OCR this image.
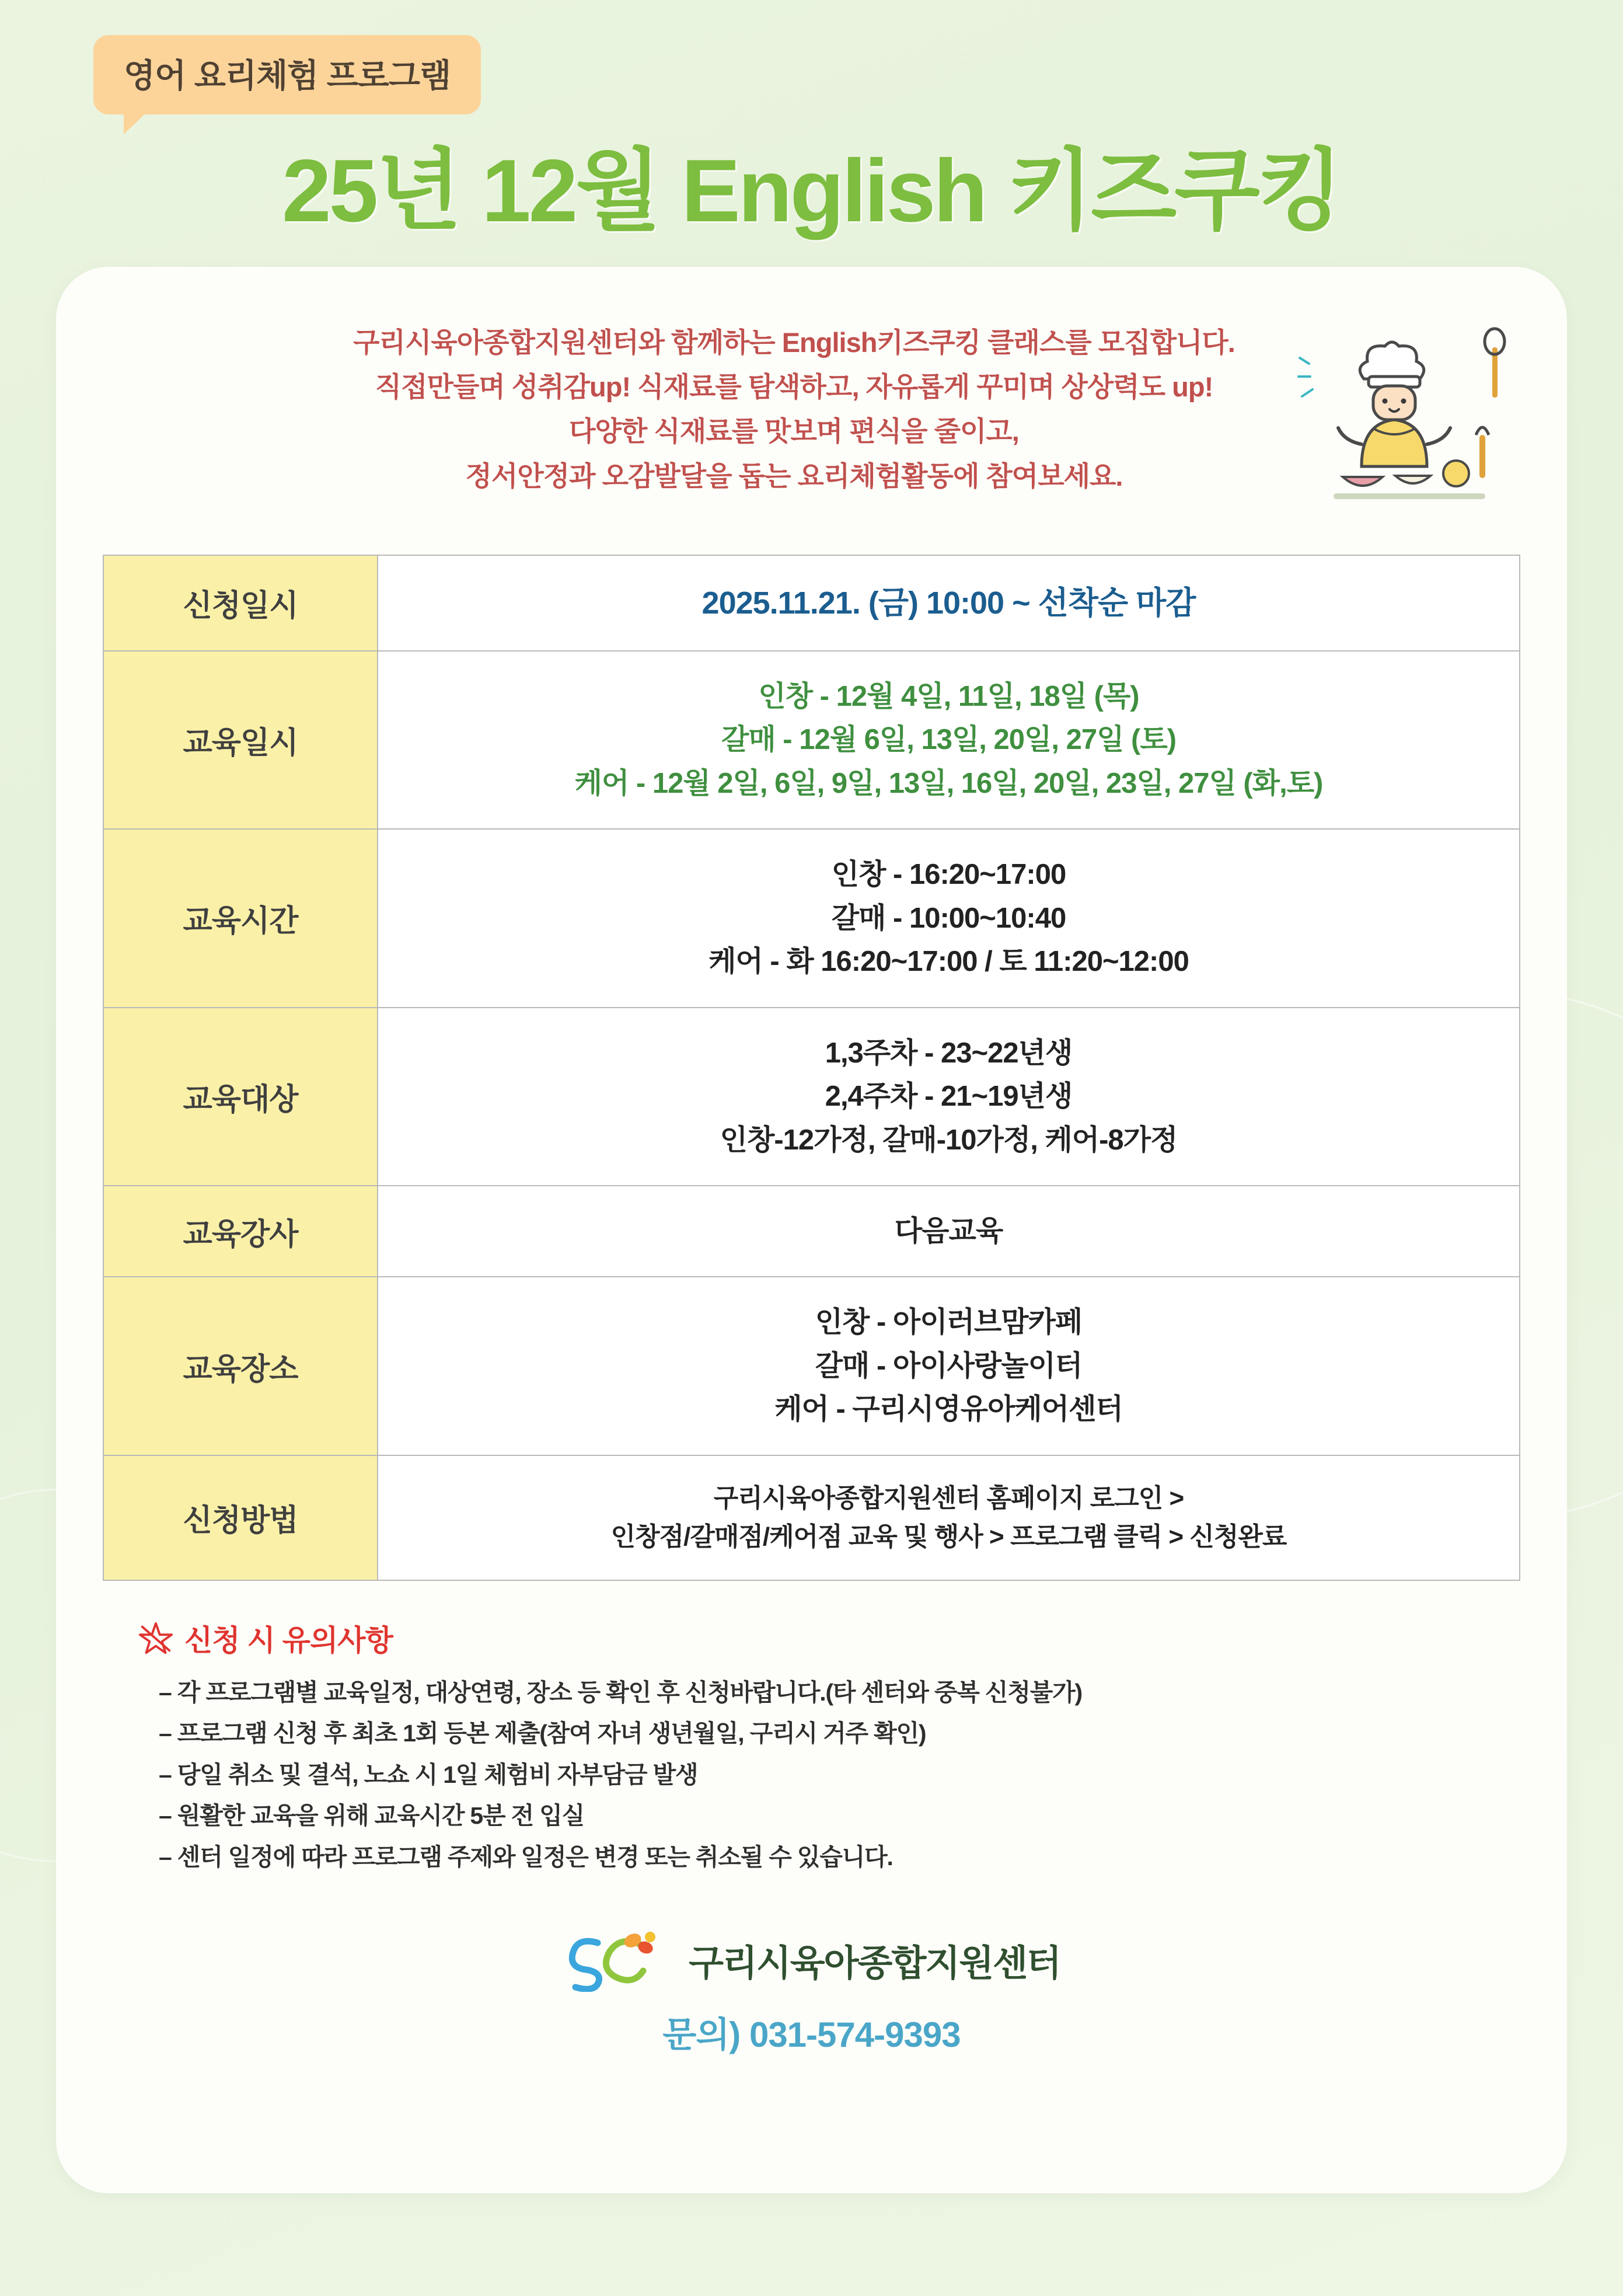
영어 요리체험 프로그램
25년 12월 English 키즈쿠킹
구리시육아종합지원센터와 함께하는 English키즈쿠킹 클래스를 모집합니다.
직접만들며 성취감up! 식재료를 탐색하고, 자유롭게 꾸미며 상상력도 up!
다양한 식재료를 맛보며 편식을 줄이고,
정서안정과 오감발달을 돕는 요리체험활동에 참여보세요.
신청일시	2025.11.21. (금) 10:00 ~ 선착순 마감

교육일시	인창 - 12월 4일, 11일, 18일 (목)
갈매 - 12월 6일, 13일, 20일, 27일 (토)
케어 - 12월 2일, 6일, 9일, 13일, 16일, 20일, 23일, 27일 (화,토)

교육시간	인창 - 16:20~17:00
갈매 - 10:00~10:40
케어 - 화 16:20~17:00 / 토 11:20~12:00

교육대상	1,3주차 - 23~22년생
2,4주차 - 21~19년생
인창-12가정, 갈매-10가정, 케어-8가정

교육강사	다음교육

교육장소	인창 - 아이러브맘카페
갈매 - 아이사랑놀이터
케어 - 구리시영유아케어센터

신청방법	구리시육아종합지원센터 홈페이지 로그인 >
인창점/갈매점/케어점 교육 및 행사 > 프로그램 클릭 > 신청완료
신청 시 유의사항
– 각 프로그램별 교육일정, 대상연령, 장소 등 확인 후 신청바랍니다.(타 센터와 중복 신청불가)
– 프로그램 신청 후 최초 1회 등본 제출(참여 자녀 생년월일, 구리시 거주 확인)
– 당일 취소 및 결석, 노쇼 시 1일 체험비 자부담금 발생
– 원활한 교육을 위해 교육시간 5분 전 입실
– 센터 일정에 따라 프로그램 주제와 일정은 변경 또는 취소될 수 있습니다.
구리시육아종합지원센터
문의) 031-574-9393
